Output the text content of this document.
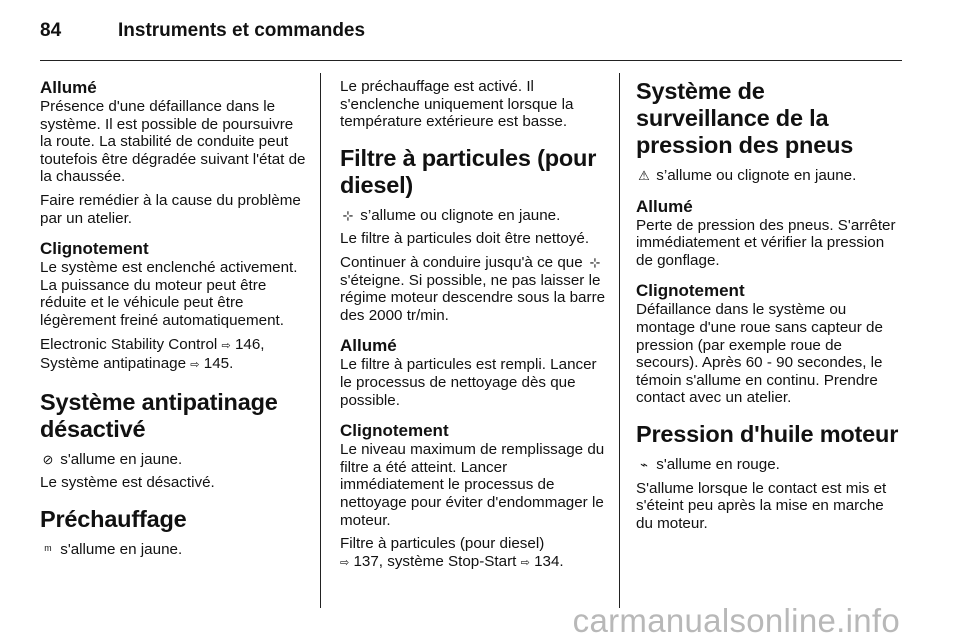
84	Instruments et commandes
Allumé

Présence d'une défaillance dans le système. Il est possible de poursuivre la route. La stabilité de conduite peut toutefois être dégradée suivant l'état de la chaussée.

Faire remédier à la cause du problème par un atelier.

Clignotement

Le système est enclenché activement. La puissance du moteur peut être réduite et le véhicule peut être légèrement freiné automatiquement.

Electronic Stability Control ⇨ 146,
Système antipatinage ⇨ 145.

Système antipatinage désactivé

⊘ s'allume en jaune.

Le système est désactivé.

Préchauffage

ᵐ s'allume en jaune.

Le préchauffage est activé. Il s'enclenche uniquement lorsque la température extérieure est basse.

Filtre à particules (pour diesel)

⊹ s’allume ou clignote en jaune.

Le filtre à particules doit être nettoyé.

Continuer à conduire jusqu'à ce que ⊹ s'éteigne. Si possible, ne pas laisser le régime moteur descendre sous la barre des 2000 tr/min.

Allumé

Le filtre à particules est rempli. Lancer le processus de nettoyage dès que possible.

Clignotement

Le niveau maximum de remplissage du filtre a été atteint. Lancer immédiatement le processus de nettoyage pour éviter d'endommager le moteur.

Filtre à particules (pour diesel)
⇨ 137, système Stop-Start ⇨ 134.

Système de surveillance de la pression des pneus

⚠ s’allume ou clignote en jaune.

Allumé

Perte de pression des pneus. S'arrêter immédiatement et vérifier la pression de gonflage.

Clignotement

Défaillance dans le système ou montage d'une roue sans capteur de pression (par exemple roue de secours). Après 60 - 90 secondes, le témoin s'allume en continu. Prendre contact avec un atelier.

Pression d'huile moteur

⌁ s'allume en rouge.

S'allume lorsque le contact est mis et s'éteint peu après la mise en marche du moteur.

carmanualsonline.info
